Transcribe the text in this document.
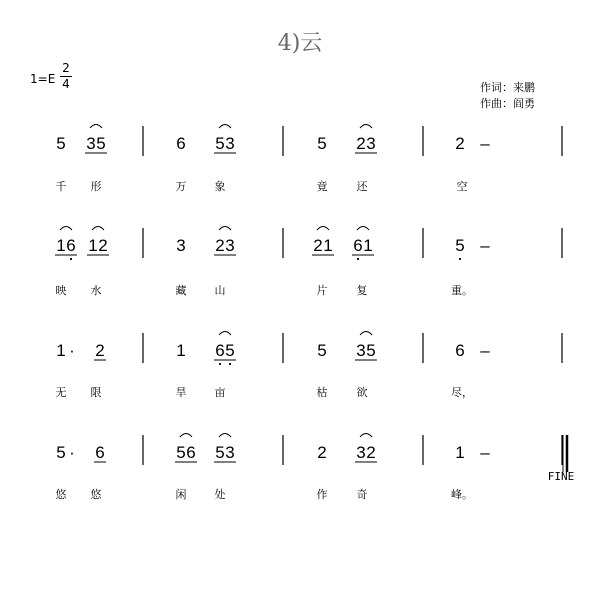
4)云
1=E
2
4	作词：来鹏
作曲：阎勇
5 3 5	6 5 3	5 2 3	2 –
千 形	万	象	竟	还	空
1 6 1 2	3 2 3	2 1 6 1	5 –
映 水	藏	山	片	复	重。
1 · 2	1 6 5	5 3 5	6 –
无 限	旱	亩	枯	欲	尽，
5 · 6	5 6 5 3	2 3 2	1 –
悠 悠	闲	处	作	奇	峰。
FINE
